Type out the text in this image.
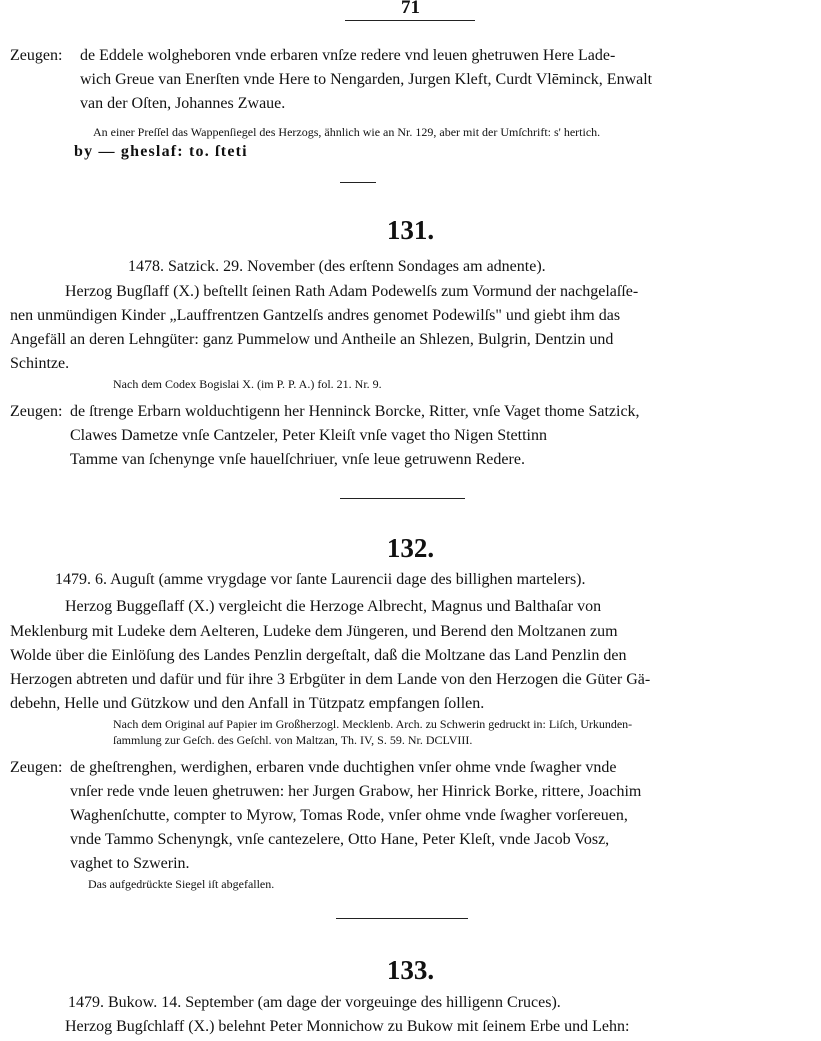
71
Zeugen: de Eddele wolgheboren vnde erbaren vnſze redere vnd leuen ghetruwen Here Lade-
wich Greue van Enerſten vnde Here to Nengarden, Jurgen Kleft, Curdt Vlēminck, Enwalt
van der Oſten, Johannes Zwaue.
An einer Preſſel das Wappenſiegel des Herzogs, ähnlich wie an Nr. 129, aber mit der Umſchrift: s' hertich.
by — gheslaf: to. ſteti
131.
1478. Satzick. 29. November (des erſtenn Sondages am adnente).
Herzog Bugſlaff (X.) beſtellt ſeinen Rath Adam Podewelſs zum Vormund der nachgelaſſe-
nen unmündigen Kinder „Lauffrentzen Gantzelſs andres genomet Podewilſs" und giebt ihm das
Angefäll an deren Lehngüter: ganz Pummelow und Antheile an Shlezen, Bulgrin, Dentzin und
Schintze.
Nach dem Codex Bogislai X. (im P. P. A.) fol. 21. Nr. 9.
Zeugen: de ſtrenge Erbarn wolduchtigenn her Henninck Borcke, Ritter, vnſe Vaget thome Satzick,
Clawes Dametze vnſe Cantzeler, Peter Kleiſt vnſe vaget tho Nigen Stettinn
Tamme van ſchenynge vnſe hauelſchriuer, vnſe leue getruwenn Redere.
132.
1479. 6. Auguſt (amme vrygdage vor ſante Laurencii dage des billighen martelers).
Herzog Buggeſlaff (X.) vergleicht die Herzoge Albrecht, Magnus und Balthaſar von
Meklenburg mit Ludeke dem Aelteren, Ludeke dem Jüngeren, und Berend den Moltzanen zum
Wolde über die Einlöſung des Landes Penzlin dergeſtalt, daß die Moltzane das Land Penzlin den
Herzogen abtreten und dafür und für ihre 3 Erbgüter in dem Lande von den Herzogen die Güter Gä-
debehn, Helle und Gützkow und den Anfall in Tützpatz empfangen ſollen.
Nach dem Original auf Papier im Großherzogl. Mecklenb. Arch. zu Schwerin gedruckt in: Liſch, Urkunden-
ſammlung zur Geſch. des Geſchl. von Maltzan, Th. IV, S. 59. Nr. DCLVIII.
Zeugen: de gheſtrenghen, werdighen, erbaren vnde duchtighen vnſer ohme vnde ſwagher vnde
vnſer rede vnde leuen ghetruwen: her Jurgen Grabow, her Hinrick Borke, rittere, Joachim
Waghenſchutte, compter to Myrow, Tomas Rode, vnſer ohme vnde ſwagher vorſereuen,
vnde Tammo Schenyngk, vnſe cantezelere, Otto Hane, Peter Kleſt, vnde Jacob Vosz,
vaghet to Szwerin.
Das aufgedrückte Siegel iſt abgefallen.
133.
1479. Bukow. 14. September (am dage der vorgeuinge des hilligenn Cruces).
Herzog Bugſchlaff (X.) belehnt Peter Monnichow zu Bukow mit ſeinem Erbe und Lehn:
